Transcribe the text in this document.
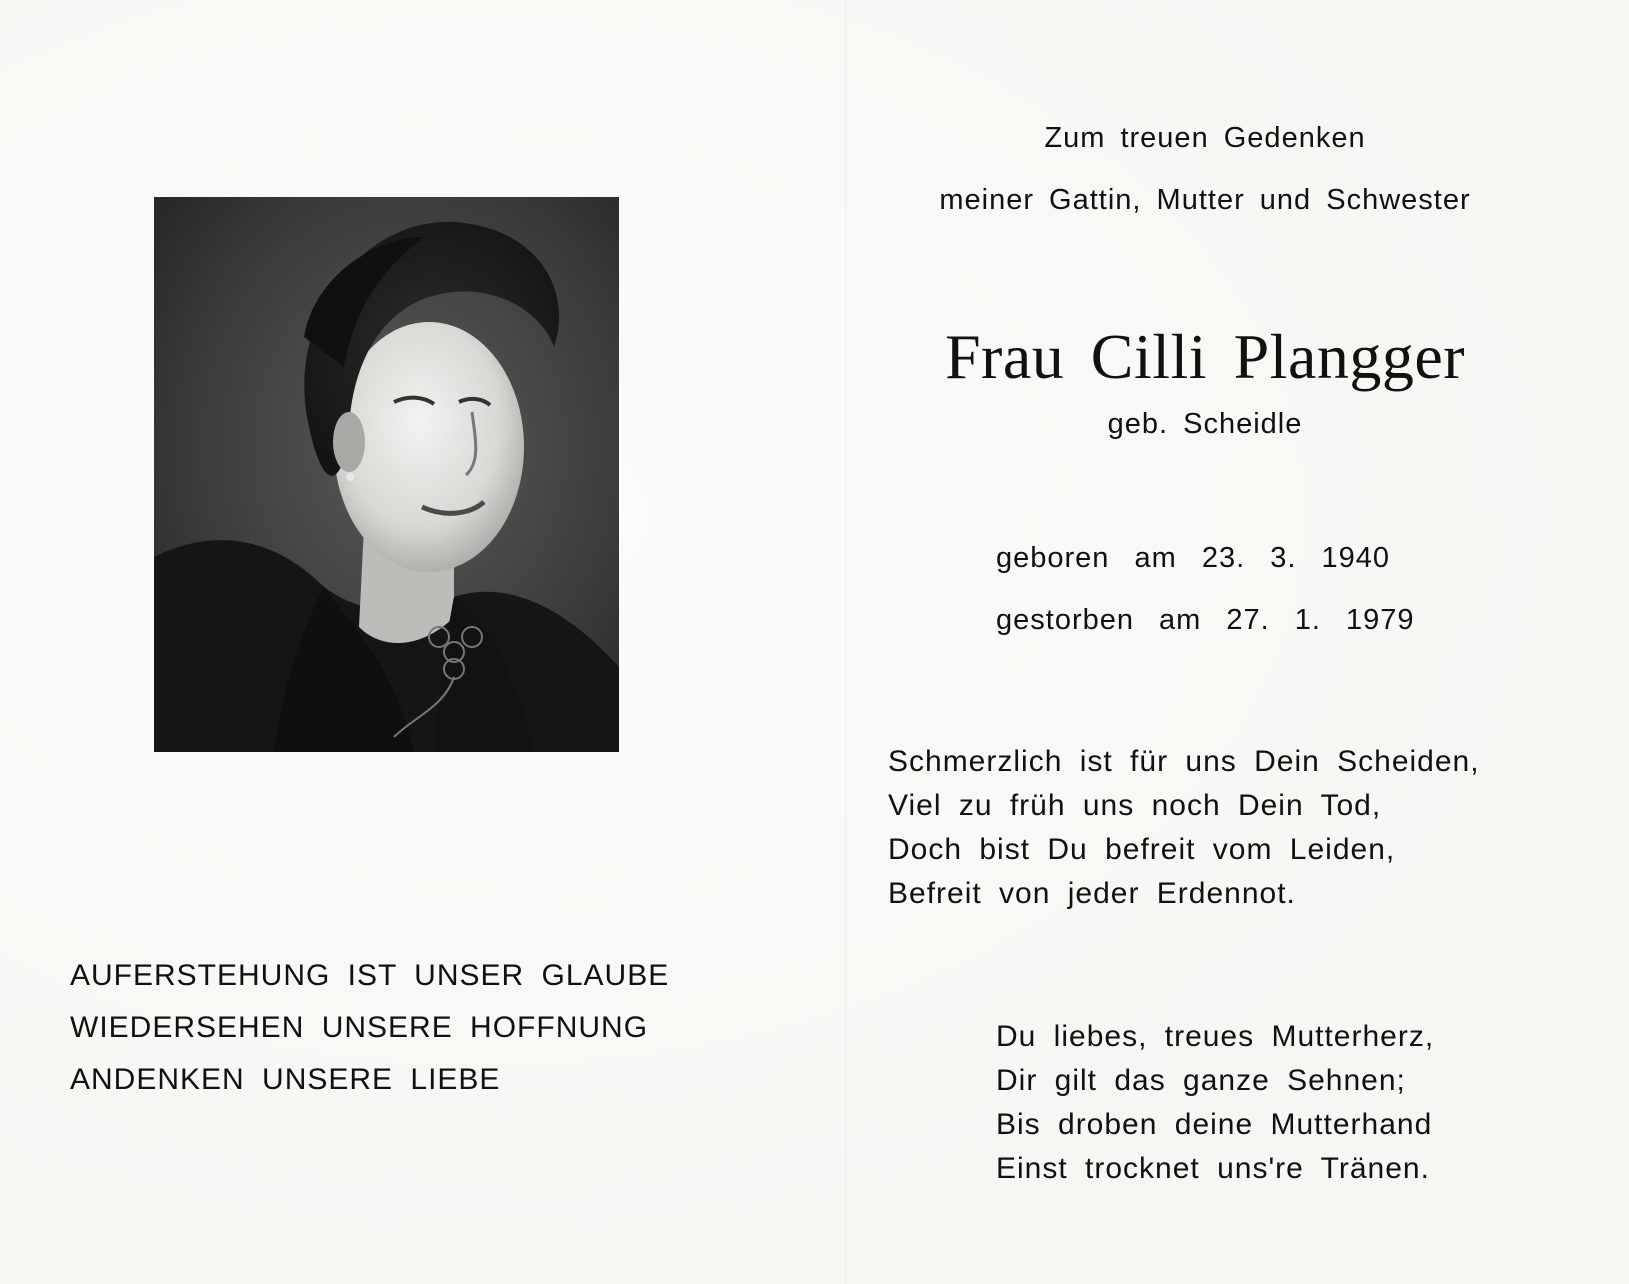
Zum treuen Gedenken
meiner Gattin, Mutter und Schwester
Frau Cilli Plangger
geb. Scheidle
geboren am 23. 3. 1940
gestorben am 27. 1. 1979
Schmerzlich ist für uns Dein Scheiden,
Viel zu früh uns noch Dein Tod,
Doch bist Du befreit vom Leiden,
Befreit von jeder Erdennot.
Du liebes, treues Mutterherz,
Dir gilt das ganze Sehnen;
Bis droben deine Mutterhand
Einst trocknet uns're Tränen.
AUFERSTEHUNG IST UNSER GLAUBE
WIEDERSEHEN UNSERE HOFFNUNG
ANDENKEN UNSERE LIEBE
